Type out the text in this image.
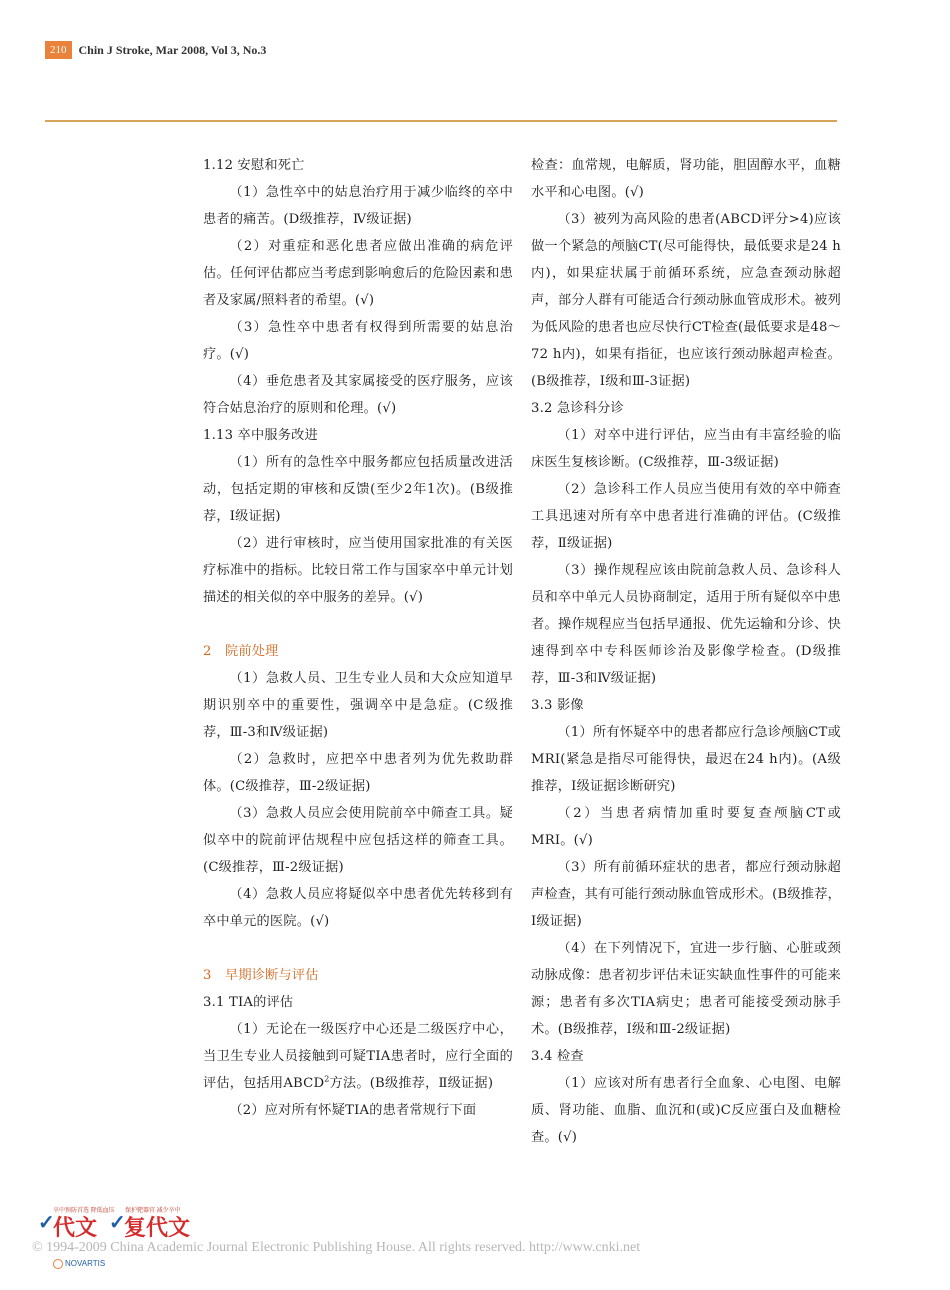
210	Chin J Stroke, Mar 2008, Vol 3, No.3
1.12 安慰和死亡

（1）急性卒中的姑息治疗用于减少临终的卒中患者的痛苦。(D级推荐，Ⅳ级证据)

（2）对重症和恶化患者应做出准确的病危评估。任何评估都应当考虑到影响愈后的危险因素和患者及家属/照料者的希望。(√)

（3）急性卒中患者有权得到所需要的姑息治疗。(√)

（4）垂危患者及其家属接受的医疗服务，应该符合姑息治疗的原则和伦理。(√)

1.13 卒中服务改进

（1）所有的急性卒中服务都应包括质量改进活动，包括定期的审核和反馈(至少2年1次)。(B级推荐，Ⅰ级证据)

（2）进行审核时，应当使用国家批准的有关医疗标准中的指标。比较日常工作与国家卒中单元计划描述的相关似的卒中服务的差异。(√)

2　院前处理

（1）急救人员、卫生专业人员和大众应知道早期识别卒中的重要性，强调卒中是急症。(C级推荐，Ⅲ-3和Ⅳ级证据)

（2）急救时，应把卒中患者列为优先救助群体。(C级推荐，Ⅲ-2级证据)

（3）急救人员应会使用院前卒中筛查工具。疑似卒中的院前评估规程中应包括这样的筛查工具。(C级推荐，Ⅲ-2级证据)

（4）急救人员应将疑似卒中患者优先转移到有卒中单元的医院。(√)

3　早期诊断与评估
3.1 TIA的评估

（1）无论在一级医疗中心还是二级医疗中心，当卫生专业人员接触到可疑TIA患者时，应行全面的评估，包括用ABCD$^2$方法。(B级推荐，Ⅱ级证据)

（2）应对所有怀疑TIA的患者常规行下面

检查：血常规，电解质，肾功能，胆固醇水平，血糖水平和心电图。(√)

（3）被列为高风险的患者(ABCD评分>4)应该做一个紧急的颅脑CT(尽可能得快，最低要求是24 h内)，如果症状属于前循环系统，应急查颈动脉超声，部分人群有可能适合行颈动脉血管成形术。被列为低风险的患者也应尽快行CT检查(最低要求是48～72 h内)，如果有指征，也应该行颈动脉超声检查。(B级推荐，Ⅰ级和Ⅲ-3证据)

3.2 急诊科分诊

（1）对卒中进行评估，应当由有丰富经验的临床医生复核诊断。(C级推荐，Ⅲ-3级证据)

（2）急诊科工作人员应当使用有效的卒中筛查工具迅速对所有卒中患者进行准确的评估。(C级推荐，Ⅱ级证据)

（3）操作规程应该由院前急救人员、急诊科人员和卒中单元人员协商制定，适用于所有疑似卒中患者。操作规程应当包括早通报、优先运输和分诊、快速得到卒中专科医师诊治及影像学检查。(D级推荐，Ⅲ-3和Ⅳ级证据)

3.3 影像

（1）所有怀疑卒中的患者都应行急诊颅脑CT或MRI(紧急是指尽可能得快，最迟在24 h内)。(A级推荐，Ⅰ级证据诊断研究)

（2）当患者病情加重时要复查颅脑CT或MRI。(√)

（3）所有前循环症状的患者，都应行颈动脉超声检查，其有可能行颈动脉血管成形术。(B级推荐，Ⅰ级证据)

（4）在下列情况下，宜进一步行脑、心脏或颈动脉成像：患者初步评估未证实缺血性事件的可能来源；患者有多次TIA病史；患者可能接受颈动脉手术。(B级推荐，Ⅰ级和Ⅲ-2级证据)

3.4 检查

（1）应该对所有患者行全血象、心电图、电解质、肾功能、血脂、血沉和(或)C反应蛋白及血糖检查。(√)

卒中预防首选 降低血压 保护靶器官 减少卒中
✓
代文 ✓
复代文
NOVARTIS
© 1994-2009 China Academic Journal Electronic Publishing House. All rights reserved. http://www.cnki.net
